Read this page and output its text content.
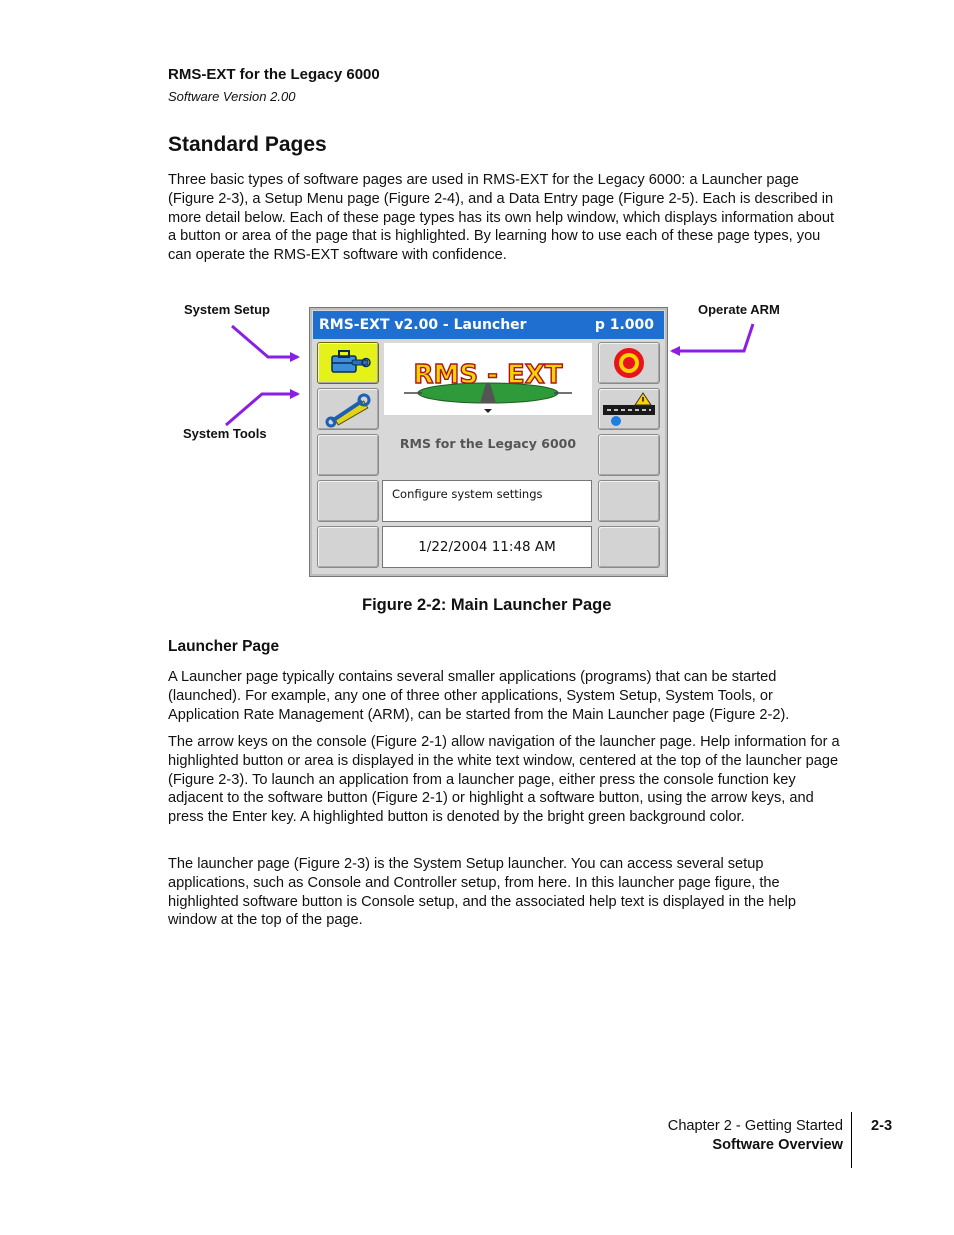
RMS-EXT for the Legacy 6000
Software Version 2.00
Standard Pages

Three basic types of software pages are used in RMS-EXT for the Legacy 6000: a Launcher page (Figure 2-3), a Setup Menu page (Figure 2-4), and a Data Entry page (Figure 2-5). Each is described in more detail below. Each of these page types has its own help window, which displays information about a button or area of the page that is highlighted. By learning how to use each of these page types, you can operate the RMS-EXT software with confidence.

System Setup
System Tools
Operate ARM
RMS-EXT v2.00 - Launcher	p 1.000
RMS - EXT
RMS for the Legacy 6000
Configure system settings
1/22/2004 11:48 AM
Figure 2-2: Main Launcher Page
Launcher Page

A Launcher page typically contains several smaller applications (programs) that can be started (launched). For example, any one of three other applications, System Setup, System Tools, or Application Rate Management (ARM), can be started from the Main Launcher page (Figure 2-2).

The arrow keys on the console (Figure 2-1) allow navigation of the launcher page. Help information for a highlighted button or area is displayed in the white text window, centered at the top of the launcher page (Figure 2-3). To launch an application from a launcher page, either press the console function key adjacent to the software button (Figure 2-1) or highlight a software button, using the arrow keys, and press the Enter key. A highlighted button is denoted by the bright green background color.

The launcher page (Figure 2-3) is the System Setup launcher. You can access several setup applications, such as Console and Controller setup, from here. In this launcher page figure, the highlighted software button is Console setup, and the associated help text is displayed in the help window at the top of the page.

Chapter 2 - Getting Started
Software Overview
2-3
